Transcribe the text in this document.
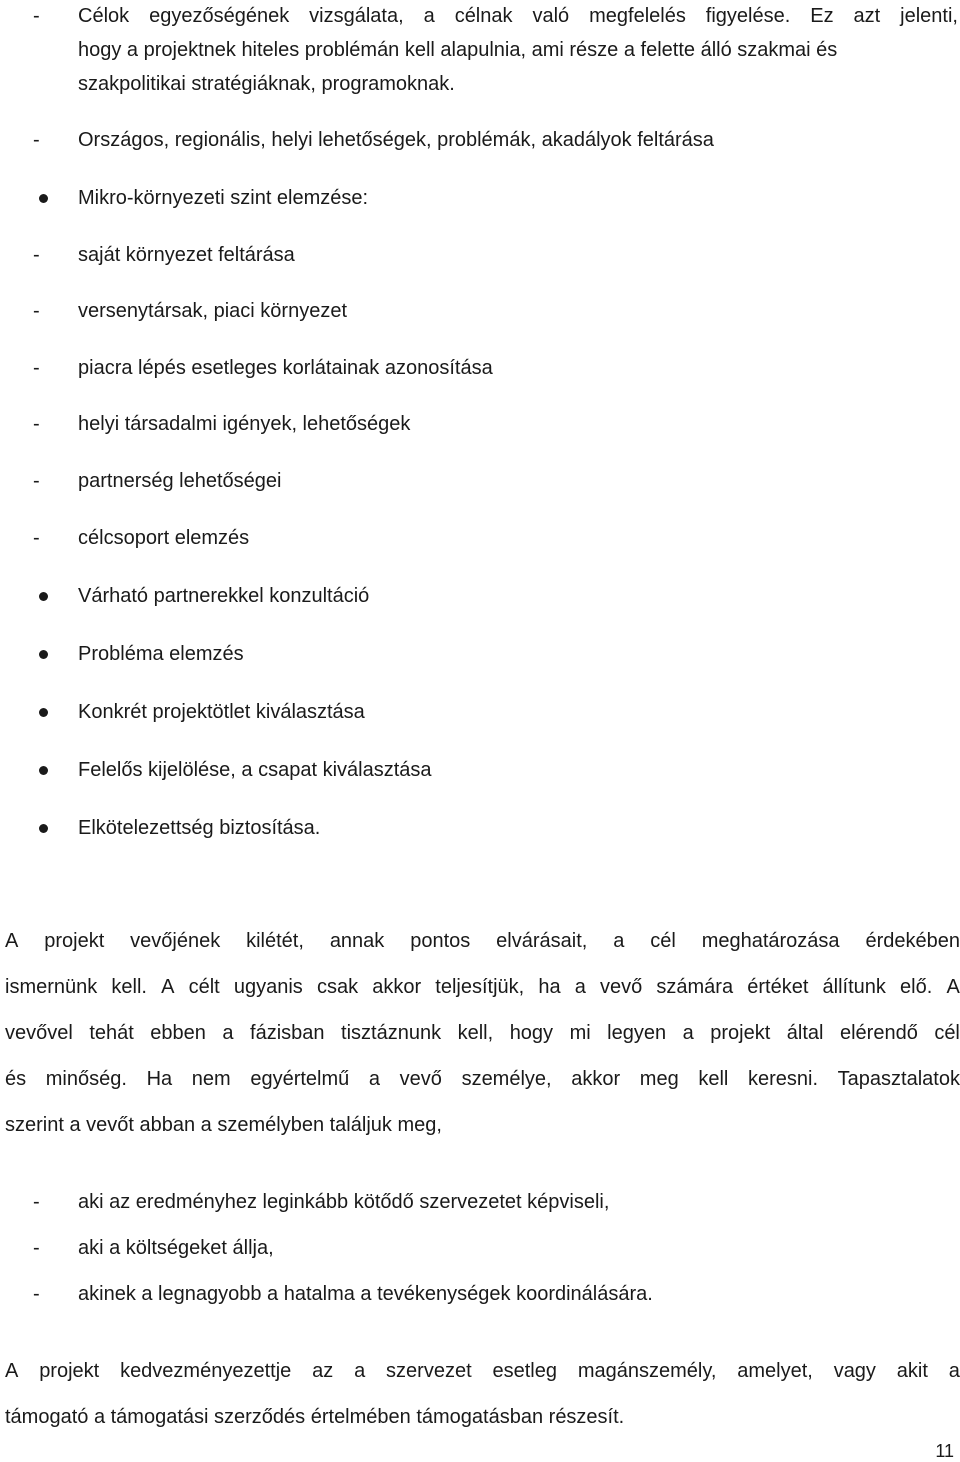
-	Célok egyezőségének vizsgálata, a célnak való megfelelés figyelése. Ez azt jelenti,
hogy a projektnek hiteles problémán kell alapulnia, ami része a felette álló szakmai és
szakpolitikai stratégiáknak, programoknak.
-	Országos, regionális, helyi lehetőségek, problémák, akadályok feltárása
Mikro-környezeti szint elemzése:
-	saját környezet feltárása
-	versenytársak, piaci környezet
-	piacra lépés esetleges korlátainak azonosítása
-	helyi társadalmi igények, lehetőségek
-	partnerség lehetőségei
-	célcsoport elemzés
Várható partnerekkel konzultáció
Probléma elemzés
Konkrét projektötlet kiválasztása
Felelős kijelölése, a csapat kiválasztása
Elkötelezettség biztosítása.
A projekt vevőjének kilétét, annak pontos elvárásait, a cél meghatározása érdekében
ismernünk kell. A célt ugyanis csak akkor teljesítjük, ha a vevő számára értéket állítunk elő. A
vevővel tehát ebben a fázisban tisztáznunk kell, hogy mi legyen a projekt által elérendő cél
és minőség. Ha nem egyértelmű a vevő személye, akkor meg kell keresni. Tapasztalatok
szerint a vevőt abban a személyben találjuk meg,
-	aki az eredményhez leginkább kötődő szervezetet képviseli,
-	aki a költségeket állja,
-	akinek a legnagyobb a hatalma a tevékenységek koordinálására.
A projekt kedvezményezettje az a szervezet esetleg magánszemély, amelyet, vagy akit a
támogató a támogatási szerződés értelmében támogatásban részesít.
11
